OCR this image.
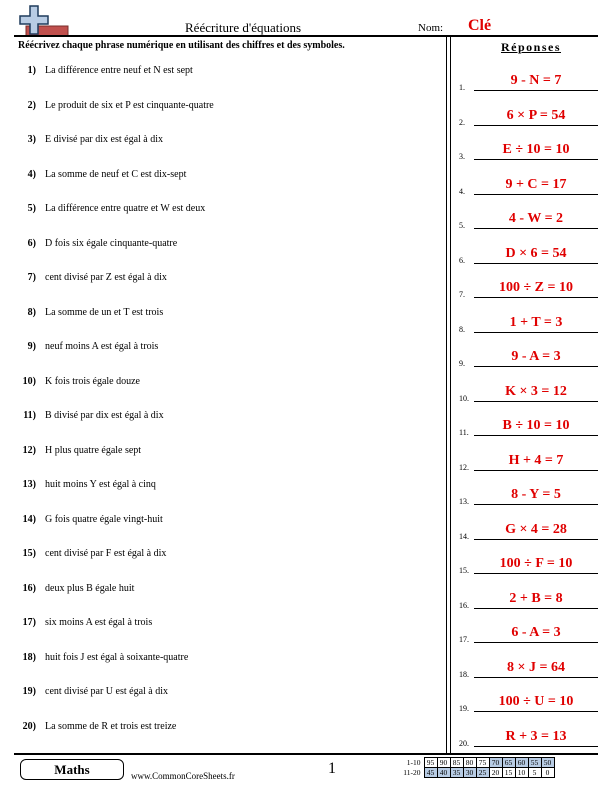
Réécriture d'équations	Nom: Clé
Réécrivez chaque phrase numérique en utilisant des chiffres et des symboles.	Réponses
1) La différence entre neuf et N est sept
2) Le produit de six et P est cinquante-quatre
3) E divisé par dix est égal à dix
4) La somme de neuf et C est dix-sept
5) La différence entre quatre et W est deux
6) D fois six égale cinquante-quatre
7) cent divisé par Z est égal à dix
8) La somme de un et T est trois
9) neuf moins A est égal à trois
10) K fois trois égale douze
11) B divisé par dix est égal à dix
12) H plus quatre égale sept
13) huit moins Y est égal à cinq
14) G fois quatre égale vingt-huit
15) cent divisé par F est égal à dix
16) deux plus B égale huit
17) six moins A est égal à trois
18) huit fois J est égal à soixante-quatre
19) cent divisé par U est égal à dix
20) La somme de R et trois est treize
1.	9 - N = 7
2.	6 × P = 54
3.	E ÷ 10 = 10
4.	9 + C = 17
5.	4 - W = 2
6.	D × 6 = 54
7.	100 ÷ Z = 10
8.	1 + T = 3
9.	9 - A = 3
10.	K × 3 = 12
11.	B ÷ 10 = 10
12.	H + 4 = 7
13.	8 - Y = 5
14.	G × 4 = 28
15.	100 ÷ F = 10
16.	2 + B = 8
17.	6 - A = 3
18.	8 × J = 64
19.	100 ÷ U = 10
20.	R + 3 = 13
Maths	www.CommonCoreSheets.fr	1	1-10	95	90	85	80	75	70	65	60	55	50
11-20	45	40	35	30	25	20	15	10	5	0
